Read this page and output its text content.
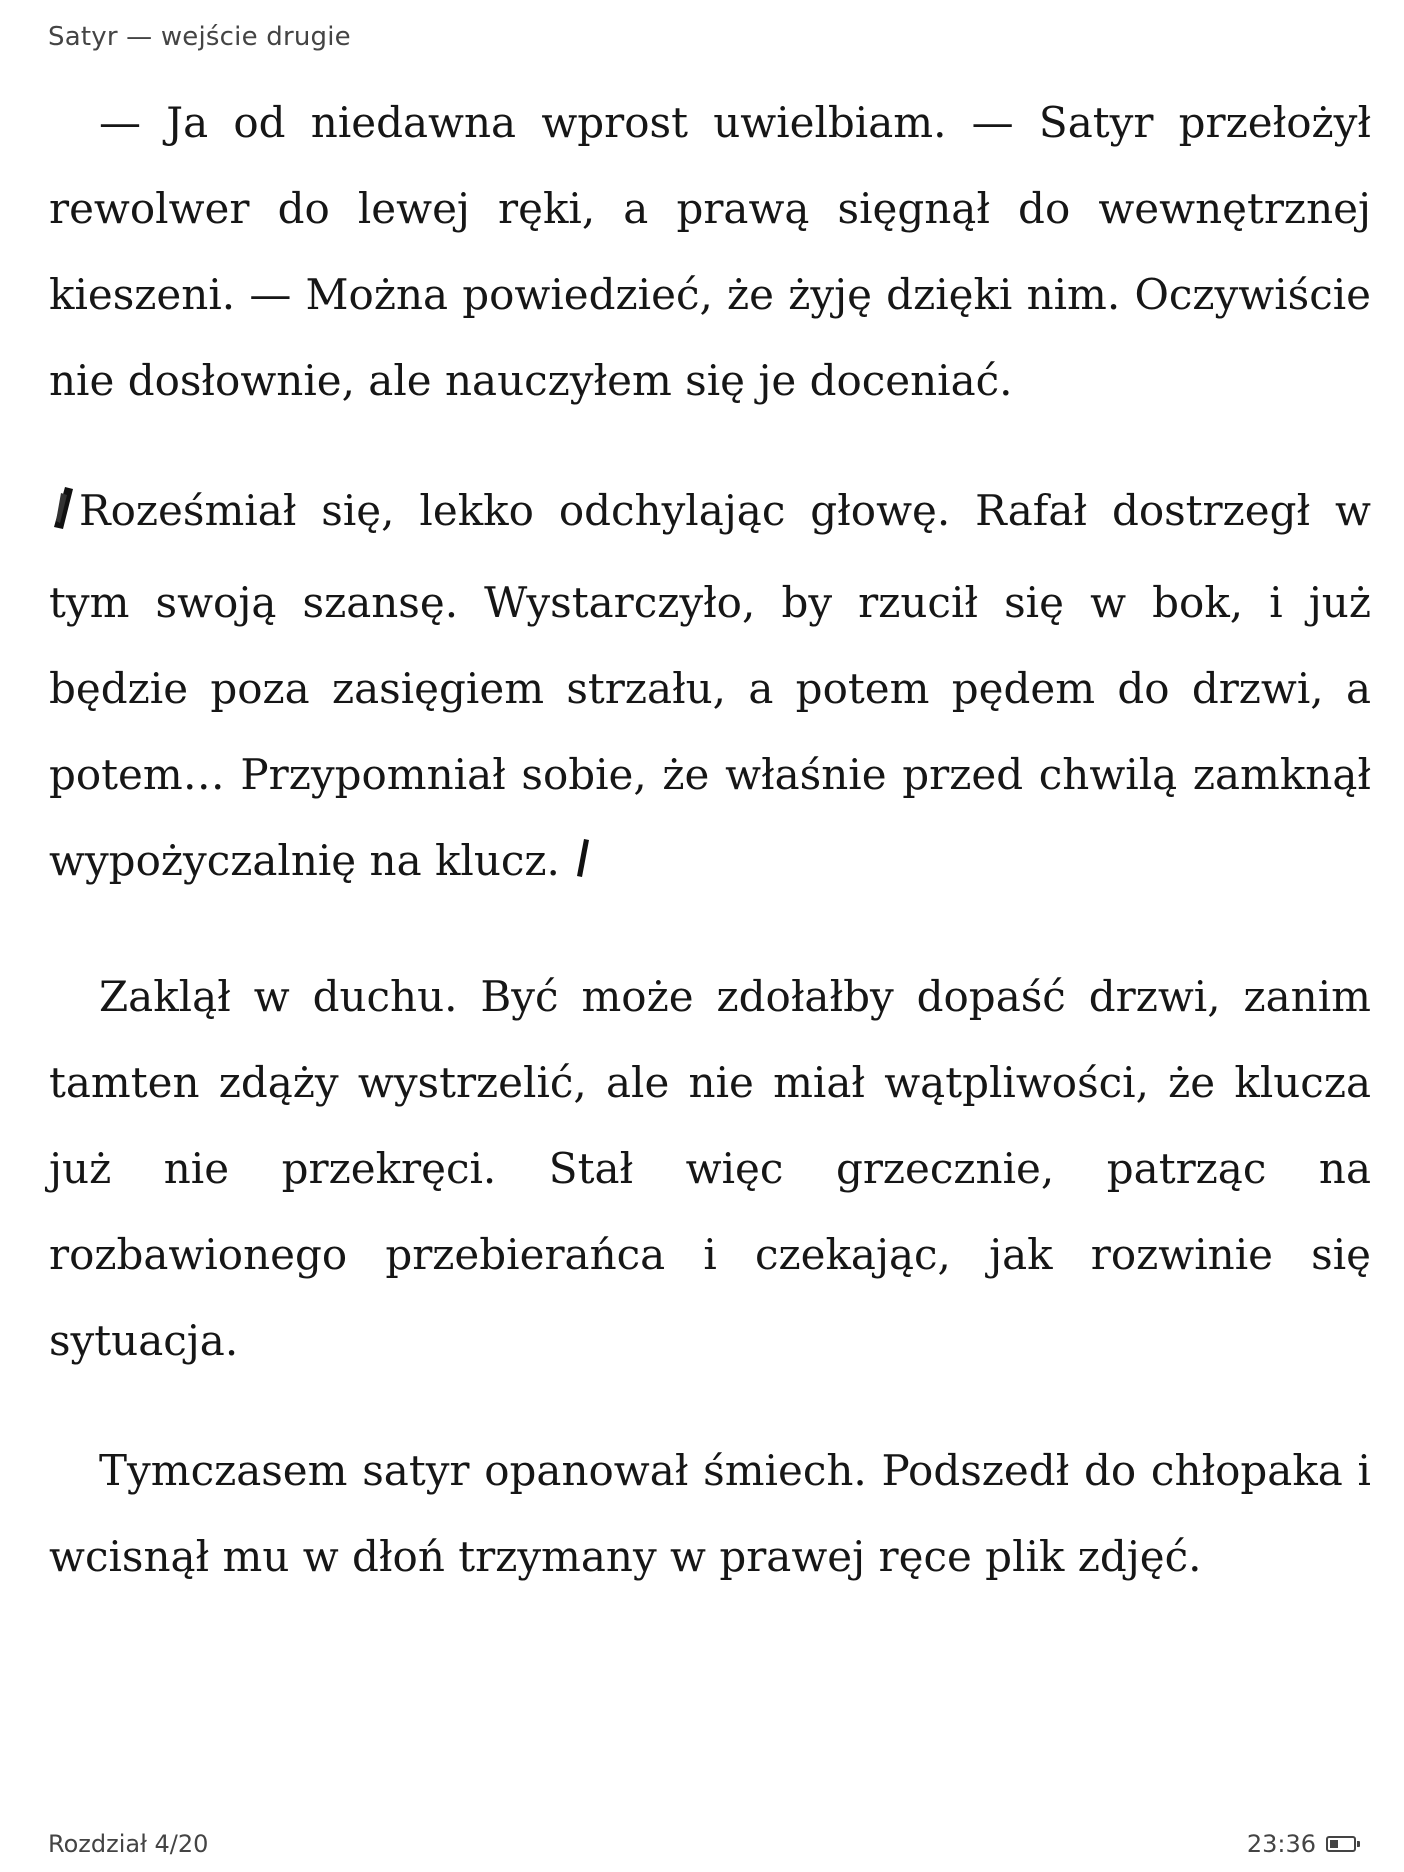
Satyr — wejście drugie

— Ja od niedawna wprost uwielbiam. — Satyr przełożył rewolwer do lewej ręki, a prawą sięgnął do wewnętrznej kieszeni. — Można powiedzieć, że żyję dzięki nim. Oczywiście nie dosłownie, ale nauczyłem się je doceniać.

Roześmiał się, lekko odchylając głowę. Rafał dostrzegł w tym swoją szansę. Wystarczyło, by rzucił się w bok, i już będzie poza zasięgiem strzału, a potem pędem do drzwi, a potem… Przypomniał sobie, że właśnie przed chwilą zamknął wypożyczalnię na klucz.

Zaklął w duchu. Być może zdołałby dopaść drzwi, zanim tamten zdąży wystrzelić, ale nie miał wątpliwości, że klucza już nie przekręci. Stał więc grzecznie, patrząc na rozbawionego przebierańca i czekając, jak rozwinie się sytuacja.

Tymczasem satyr opanował śmiech. Podszedł do chłopaka i wcisnął mu w dłoń trzymany w prawej ręce plik zdjęć.

Rozdział 4/20	23:36
